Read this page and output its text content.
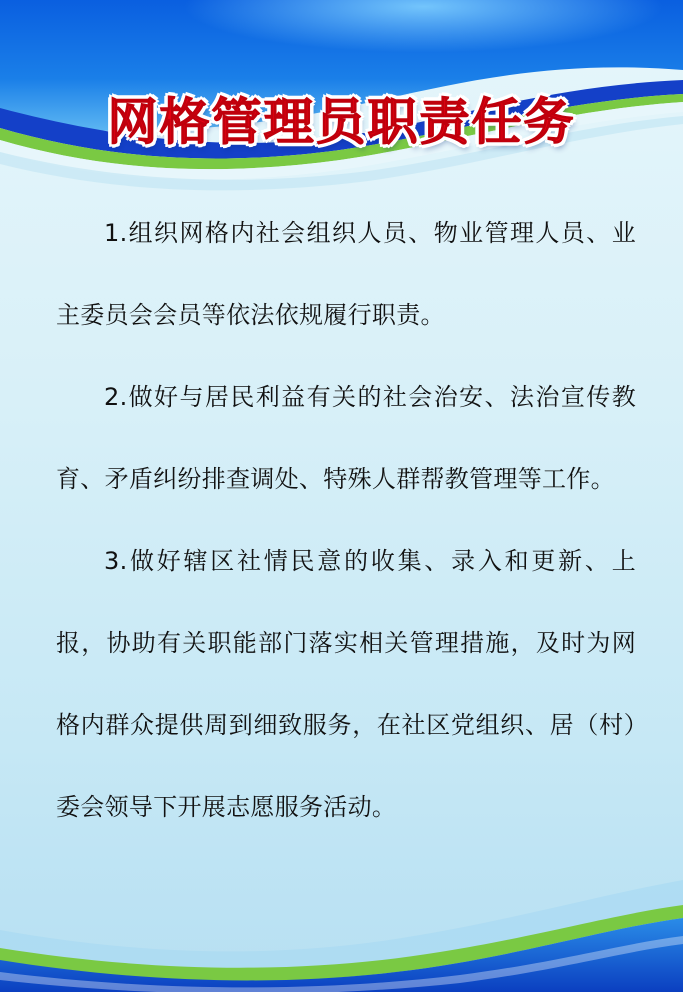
网格管理员职责任务

1.组织网格内社会组织人员、物业管理人员、业主委员会会员等依法依规履行职责。

2.做好与居民利益有关的社会治安、法治宣传教育、矛盾纠纷排查调处、特殊人群帮教管理等工作。

3.做好辖区社情民意的收集、录入和更新、上报，协助有关职能部门落实相关管理措施，及时为网格内群众提供周到细致服务，在社区党组织、居（村）委会领导下开展志愿服务活动。
